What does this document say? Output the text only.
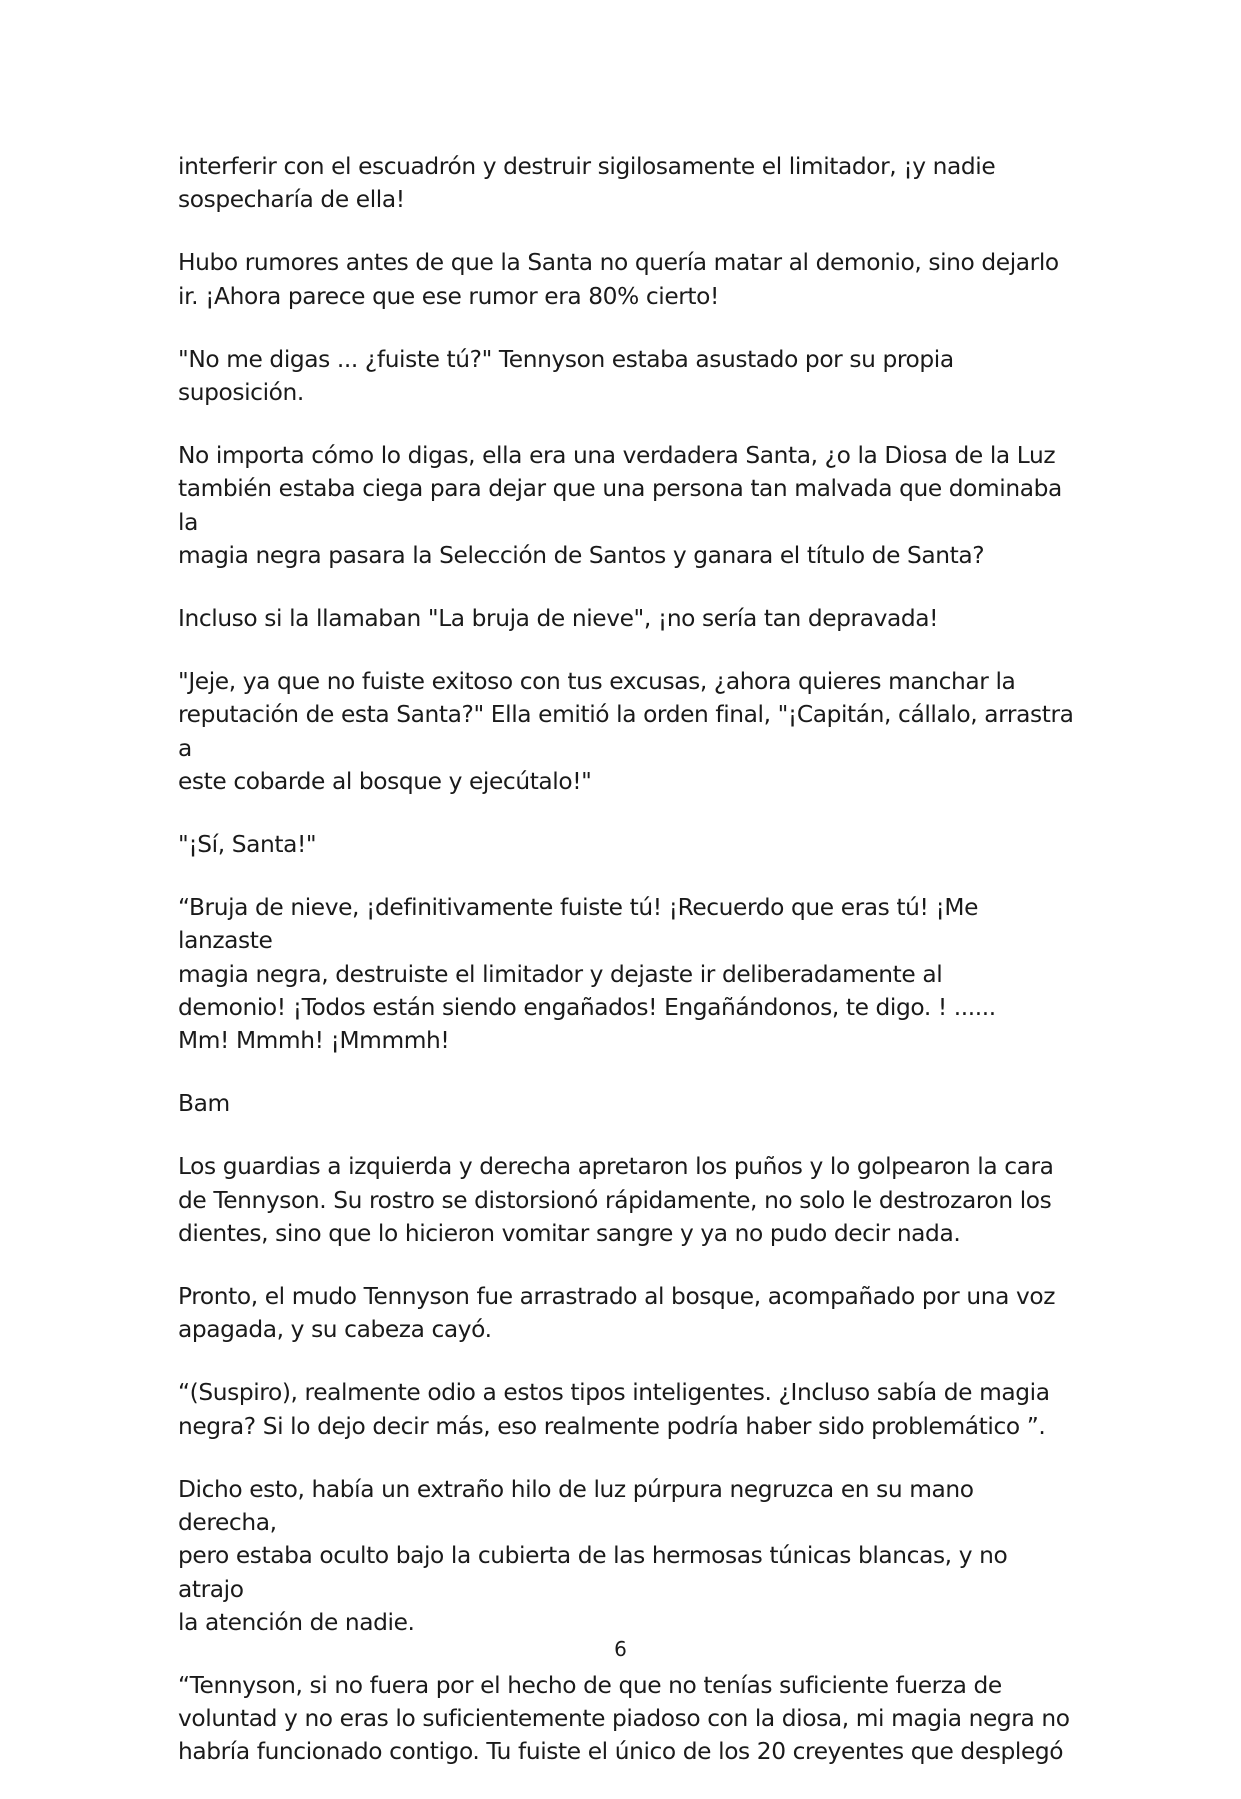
interferir con el escuadrón y destruir sigilosamente el limitador, ¡y nadie
sospecharía de ella!

Hubo rumores antes de que la Santa no quería matar al demonio, sino dejarlo
ir. ¡Ahora parece que ese rumor era 80% cierto!

"No me digas ... ¿fuiste tú?" Tennyson estaba asustado por su propia suposición.

No importa cómo lo digas, ella era una verdadera Santa, ¿o la Diosa de la Luz
también estaba ciega para dejar que una persona tan malvada que dominaba la
magia negra pasara la Selección de Santos y ganara el título de Santa?

Incluso si la llamaban "La bruja de nieve", ¡no sería tan depravada!

"Jeje, ya que no fuiste exitoso con tus excusas, ¿ahora quieres manchar la
reputación de esta Santa?" Ella emitió la orden final, "¡Capitán, cállalo, arrastra a
este cobarde al bosque y ejecútalo!"

"¡Sí, Santa!"

“Bruja de nieve, ¡definitivamente fuiste tú! ¡Recuerdo que eras tú! ¡Me lanzaste
magia negra, destruiste el limitador y dejaste ir deliberadamente al
demonio! ¡Todos están siendo engañados! Engañándonos, te digo. ! ......
Mm! Mmmh! ¡Mmmmh!

Bam

Los guardias a izquierda y derecha apretaron los puños y lo golpearon la cara
de Tennyson. Su rostro se distorsionó rápidamente, no solo le destrozaron los
dientes, sino que lo hicieron vomitar sangre y ya no pudo decir nada.

Pronto, el mudo Tennyson fue arrastrado al bosque, acompañado por una voz
apagada, y su cabeza cayó.

“(Suspiro), realmente odio a estos tipos inteligentes. ¿Incluso sabía de magia
negra? Si lo dejo decir más, eso realmente podría haber sido problemático ”.

Dicho esto, había un extraño hilo de luz púrpura negruzca en su mano derecha,
pero estaba oculto bajo la cubierta de las hermosas túnicas blancas, y no atrajo
la atención de nadie.

“Tennyson, si no fuera por el hecho de que no tenías suficiente fuerza de
voluntad y no eras lo suficientemente piadoso con la diosa, mi magia negra no
habría funcionado contigo. Tu fuiste el único de los 20 creyentes que desplegó

6
